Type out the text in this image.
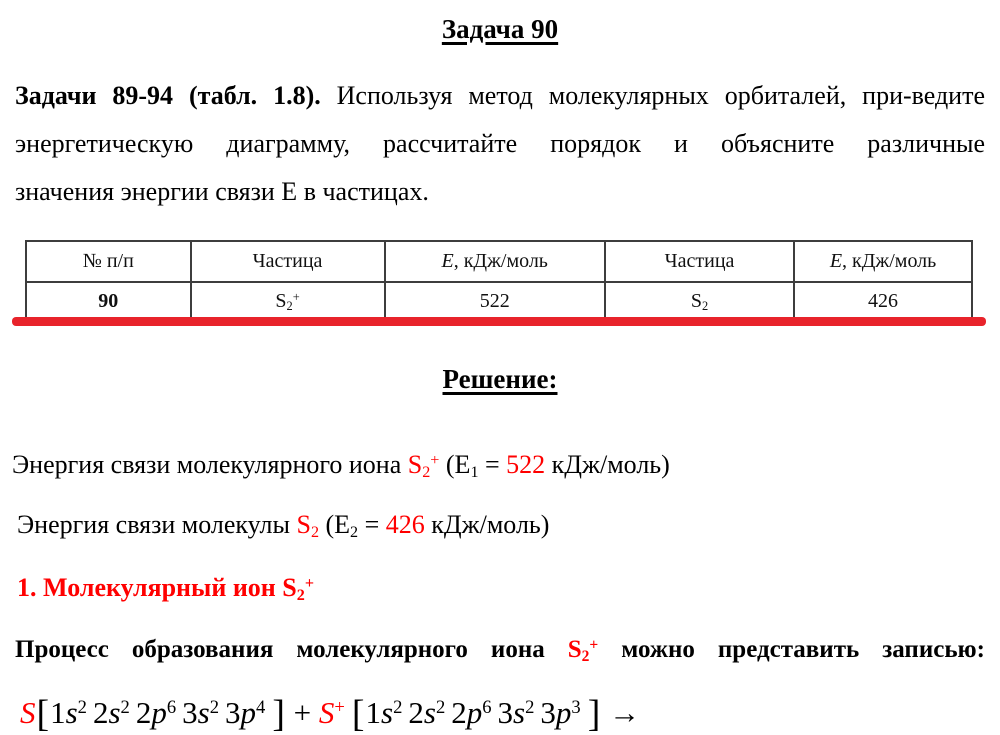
Задача 90
Задачи 89-94 (табл. 1.8). Используя метод молекулярных орбиталей, при-ведите
энергетическую диаграмму, рассчитайте порядок и объясните различные
значения энергии связи Е в частицах.
№ п/п	Частица	E, кДж/моль	Частица	E, кДж/моль
90	$S_2^+$	522	$S_2$	426
Решение:

Энергия связи молекулярного иона $S_2^+$ ($Е_1 = 522$ кДж/моль)

Энергия связи молекулы $S_2$ ($Е_2 = 426$ кДж/моль)

1. Молекулярный ион $S_2^+$

Процесс образования молекулярного иона $S_2^+$ можно представить записью:

$S[1s^2$ $2s^2$ $2p^6$ $3s^2$ $3p^4$ ] + S+ [$1s^2$ $2s^2$ $2p^6$ $3s^2$ $3p^3$ ] →
